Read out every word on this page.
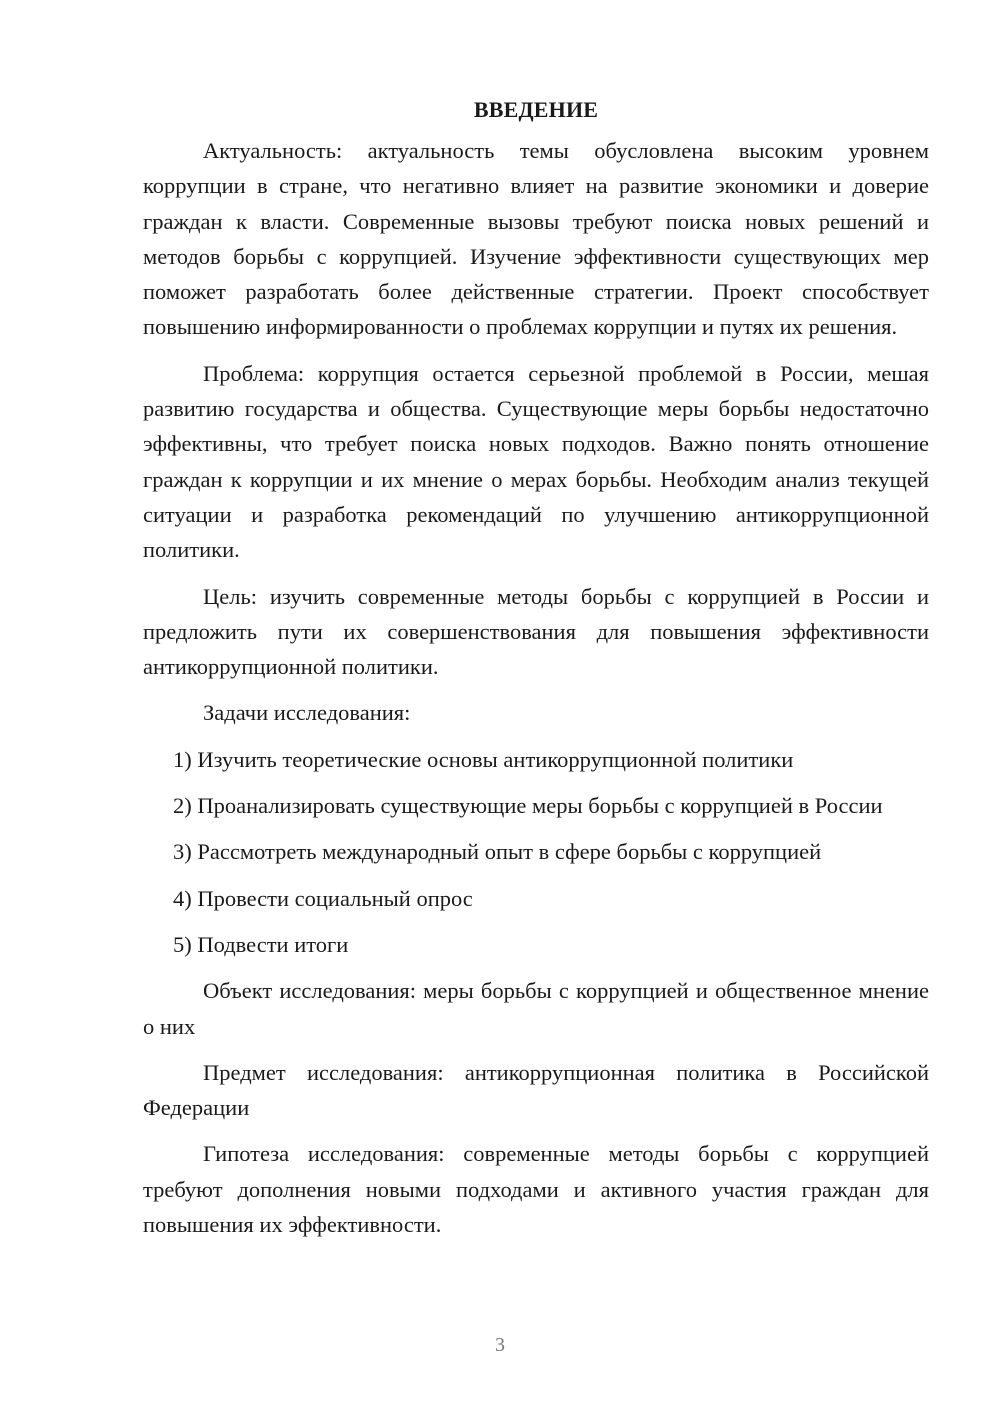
ВВЕДЕНИЕ

Актуальность: актуальность темы обусловлена высоким уровнем коррупции в стране, что негативно влияет на развитие экономики и доверие граждан к власти. Современные вызовы требуют поиска новых решений и методов борьбы с коррупцией. Изучение эффективности существующих мер поможет разработать более действенные стратегии. Проект способствует повышению информированности о проблемах коррупции и путях их решения.

Проблема: коррупция остается серьезной проблемой в России, мешая развитию государства и общества. Существующие меры борьбы недостаточно эффективны, что требует поиска новых подходов. Важно понять отношение граждан к коррупции и их мнение о мерах борьбы. Необходим анализ текущей ситуации и разработка рекомендаций по улучшению антикоррупционной политики.

Цель: изучить современные методы борьбы с коррупцией в России и предложить пути их совершенствования для повышения эффективности антикоррупционной политики.

Задачи исследования:

1) Изучить теоретические основы антикоррупционной политики

2) Проанализировать существующие меры борьбы с коррупцией в России

3) Рассмотреть международный опыт в сфере борьбы с коррупцией

4) Провести социальный опрос

5) Подвести итоги

Объект исследования: меры борьбы с коррупцией и общественное мнение о них

Предмет исследования: антикоррупционная политика в Российской Федерации

Гипотеза исследования: современные методы борьбы с коррупцией требуют дополнения новыми подходами и активного участия граждан для повышения их эффективности.

3
